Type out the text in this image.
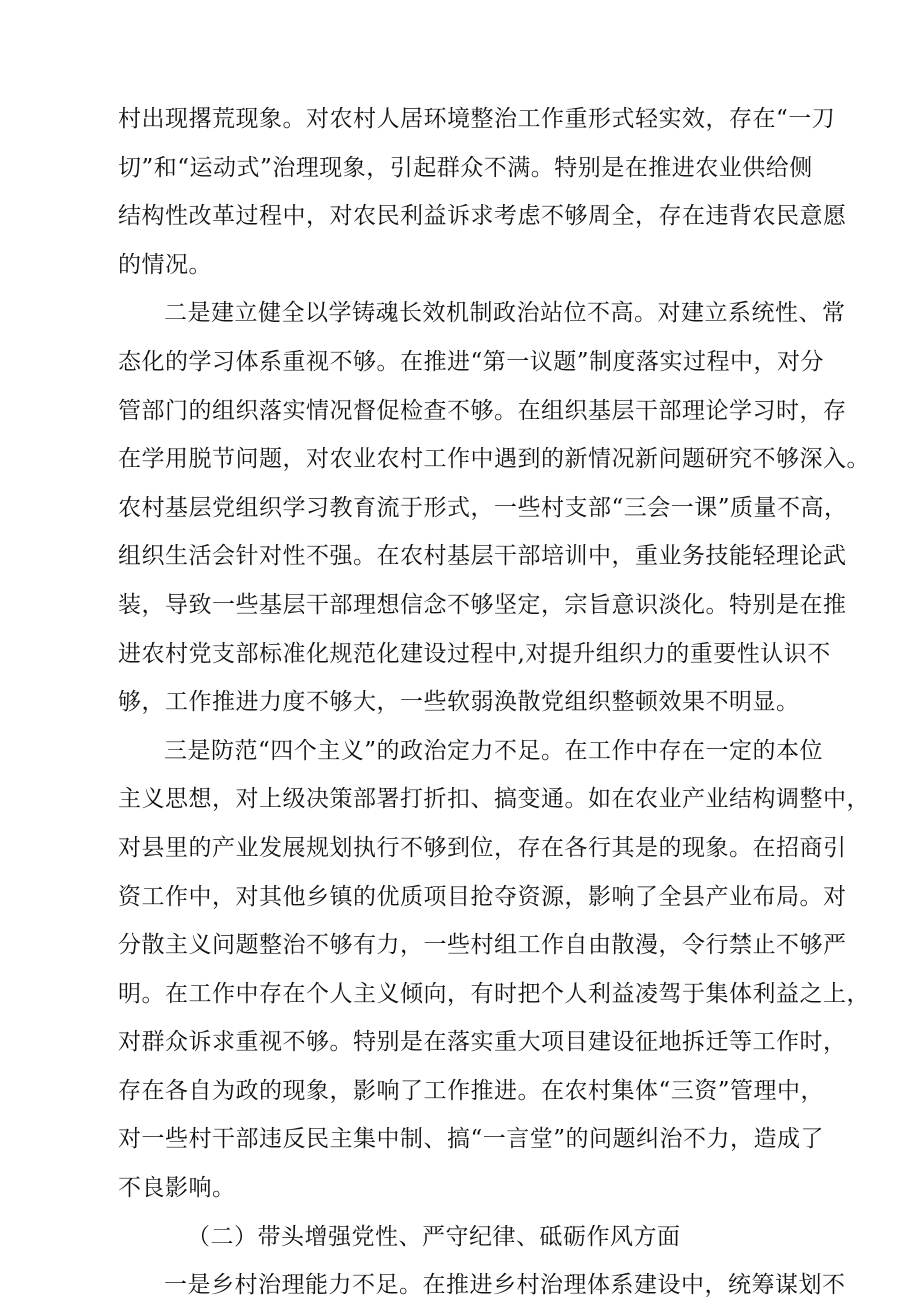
村出现撂荒现象。对农村人居环境整治工作重形式轻实效，存在“一刀
切”和“运动式”治理现象，引起群众不满。特别是在推进农业供给侧
结构性改革过程中，对农民利益诉求考虑不够周全，存在违背农民意愿
的情况。
二是建立健全以学铸魂长效机制政治站位不高。对建立系统性、常
态化的学习体系重视不够。在推进“第一议题”制度落实过程中，对分
管部门的组织落实情况督促检查不够。在组织基层干部理论学习时，存
在学用脱节问题，对农业农村工作中遇到的新情况新问题研究不够深入。
农村基层党组织学习教育流于形式，一些村支部“三会一课”质量不高，
组织生活会针对性不强。在农村基层干部培训中，重业务技能轻理论武
装，导致一些基层干部理想信念不够坚定，宗旨意识淡化。特别是在推
进农村党支部标准化规范化建设过程中,对提升组织力的重要性认识不
够，工作推进力度不够大，一些软弱涣散党组织整顿效果不明显。
三是防范“四个主义”的政治定力不足。在工作中存在一定的本位
主义思想，对上级决策部署打折扣、搞变通。如在农业产业结构调整中，
对县里的产业发展规划执行不够到位，存在各行其是的现象。在招商引
资工作中，对其他乡镇的优质项目抢夺资源，影响了全县产业布局。对
分散主义问题整治不够有力，一些村组工作自由散漫，令行禁止不够严
明。在工作中存在个人主义倾向，有时把个人利益凌驾于集体利益之上，
对群众诉求重视不够。特别是在落实重大项目建设征地拆迁等工作时，
存在各自为政的现象，影响了工作推进。在农村集体“三资”管理中，
对一些村干部违反民主集中制、搞“一言堂”的问题纠治不力，造成了
不良影响。
（二）带头增强党性、严守纪律、砥砺作风方面
一是乡村治理能力不足。在推进乡村治理体系建设中，统筹谋划不
